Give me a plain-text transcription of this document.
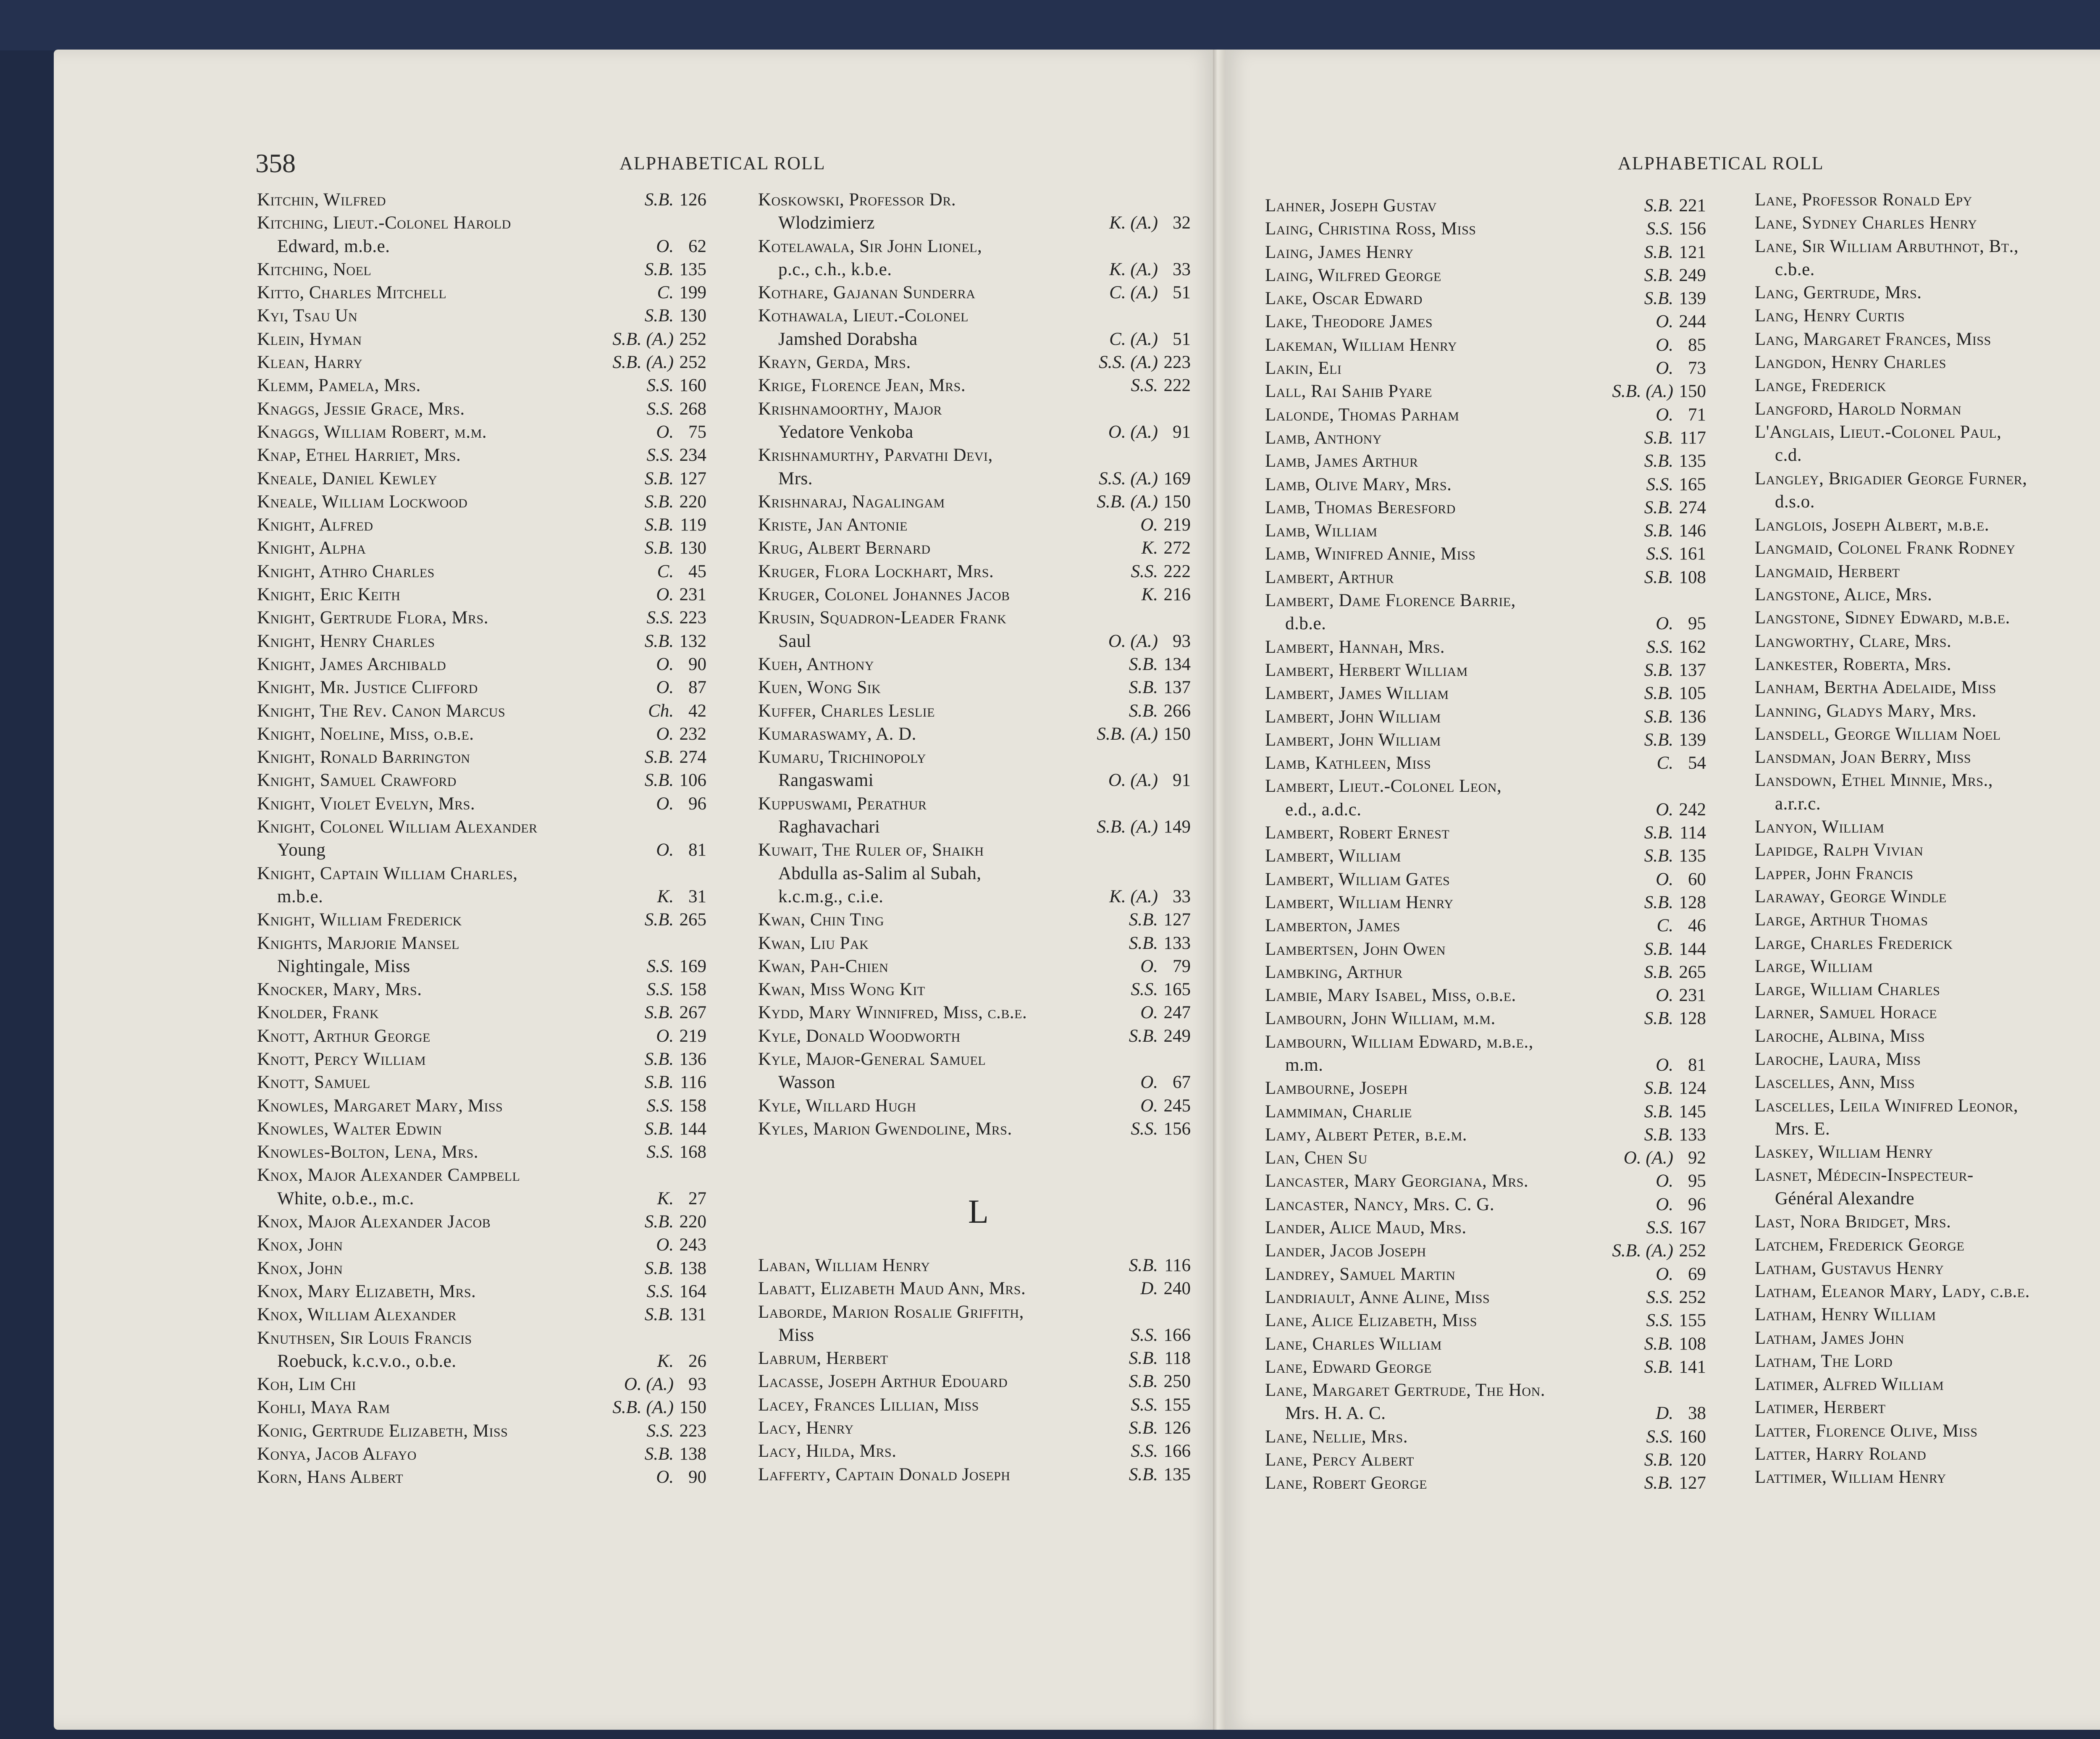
358	ALPHABETICAL ROLL	ALPHABETICAL ROLL
Kitchin, Wilfred	S.B. 126
Kitching, Lieut.-Colonel Harold
Edward, m.b.e.	O. 62
Kitching, Noel	S.B. 135
Kitto, Charles Mitchell	C. 199
Kyi, Tsau Un	S.B. 130
Klein, Hyman	S.B. (A.) 252
Klean, Harry	S.B. (A.) 252
Klemm, Pamela, Mrs.	S.S. 160
Knaggs, Jessie Grace, Mrs.	S.S. 268
Knaggs, William Robert, m.m.	O. 75
Knap, Ethel Harriet, Mrs.	S.S. 234
Kneale, Daniel Kewley	S.B. 127
Kneale, William Lockwood	S.B. 220
Knight, Alfred	S.B. 119
Knight, Alpha	S.B. 130
Knight, Athro Charles	C. 45
Knight, Eric Keith	O. 231
Knight, Gertrude Flora, Mrs.	S.S. 223
Knight, Henry Charles	S.B. 132
Knight, James Archibald	O. 90
Knight, Mr. Justice Clifford	O. 87
Knight, The Rev. Canon Marcus	Ch. 42
Knight, Noeline, Miss, o.b.e.	O. 232
Knight, Ronald Barrington	S.B. 274
Knight, Samuel Crawford	S.B. 106
Knight, Violet Evelyn, Mrs.	O. 96
Knight, Colonel William Alexander
Young	O. 81
Knight, Captain William Charles,
m.b.e.	K. 31
Knight, William Frederick	S.B. 265
Knights, Marjorie Mansel
Nightingale, Miss	S.S. 169
Knocker, Mary, Mrs.	S.S. 158
Knolder, Frank	S.B. 267
Knott, Arthur George	O. 219
Knott, Percy William	S.B. 136
Knott, Samuel	S.B. 116
Knowles, Margaret Mary, Miss	S.S. 158
Knowles, Walter Edwin	S.B. 144
Knowles-Bolton, Lena, Mrs.	S.S. 168
Knox, Major Alexander Campbell
White, o.b.e., m.c.	K. 27
Knox, Major Alexander Jacob	S.B. 220
Knox, John	O. 243
Knox, John	S.B. 138
Knox, Mary Elizabeth, Mrs.	S.S. 164
Knox, William Alexander	S.B. 131
Knuthsen, Sir Louis Francis
Roebuck, k.c.v.o., o.b.e.	K. 26
Koh, Lim Chi	O. (A.) 93
Kohli, Maya Ram	S.B. (A.) 150
Konig, Gertrude Elizabeth, Miss	S.S. 223
Konya, Jacob Alfayo	S.B. 138
Korn, Hans Albert	O. 90
Koskowski, Professor Dr.
Wlodzimierz	K. (A.) 32
Kotelawala, Sir John Lionel,
p.c., c.h., k.b.e.	K. (A.) 33
Kothare, Gajanan Sunderra	C. (A.) 51
Kothawala, Lieut.-Colonel
Jamshed Dorabsha	C. (A.) 51
Krayn, Gerda, Mrs.	S.S. (A.) 223
Krige, Florence Jean, Mrs.	S.S. 222
Krishnamoorthy, Major
Yedatore Venkoba	O. (A.) 91
Krishnamurthy, Parvathi Devi,
Mrs.	S.S. (A.) 169
Krishnaraj, Nagalingam	S.B. (A.) 150
Kriste, Jan Antonie	O. 219
Krug, Albert Bernard	K. 272
Kruger, Flora Lockhart, Mrs.	S.S. 222
Kruger, Colonel Johannes Jacob	K. 216
Krusin, Squadron-Leader Frank
Saul	O. (A.) 93
Kueh, Anthony	S.B. 134
Kuen, Wong Sik	S.B. 137
Kuffer, Charles Leslie	S.B. 266
Kumaraswamy, A. D.	S.B. (A.) 150
Kumaru, Trichinopoly
Rangaswami	O. (A.) 91
Kuppuswami, Perathur
Raghavachari	S.B. (A.) 149
Kuwait, The Ruler of, Shaikh
Abdulla as-Salim al Subah,
k.c.m.g., c.i.e.	K. (A.) 33
Kwan, Chin Ting	S.B. 127
Kwan, Liu Pak	S.B. 133
Kwan, Pah-Chien	O. 79
Kwan, Miss Wong Kit	S.S. 165
Kydd, Mary Winnifred, Miss, c.b.e.	O. 247
Kyle, Donald Woodworth	S.B. 249
Kyle, Major-General Samuel
Wasson	O. 67
Kyle, Willard Hugh	O. 245
Kyles, Marion Gwendoline, Mrs.	S.S. 156
L
Laban, William Henry	S.B. 116
Labatt, Elizabeth Maud Ann, Mrs.	D. 240
Laborde, Marion Rosalie Griffith,
Miss	S.S. 166
Labrum, Herbert	S.B. 118
Lacasse, Joseph Arthur Edouard	S.B. 250
Lacey, Frances Lillian, Miss	S.S. 155
Lacy, Henry	S.B. 126
Lacy, Hilda, Mrs.	S.S. 166
Lafferty, Captain Donald Joseph	S.B. 135
Lahner, Joseph Gustav	S.B. 221
Laing, Christina Ross, Miss	S.S. 156
Laing, James Henry	S.B. 121
Laing, Wilfred George	S.B. 249
Lake, Oscar Edward	S.B. 139
Lake, Theodore James	O. 244
Lakeman, William Henry	O. 85
Lakin, Eli	O. 73
Lall, Rai Sahib Pyare	S.B. (A.) 150
Lalonde, Thomas Parham	O. 71
Lamb, Anthony	S.B. 117
Lamb, James Arthur	S.B. 135
Lamb, Olive Mary, Mrs.	S.S. 165
Lamb, Thomas Beresford	S.B. 274
Lamb, William	S.B. 146
Lamb, Winifred Annie, Miss	S.S. 161
Lambert, Arthur	S.B. 108
Lambert, Dame Florence Barrie,
d.b.e.	O. 95
Lambert, Hannah, Mrs.	S.S. 162
Lambert, Herbert William	S.B. 137
Lambert, James William	S.B. 105
Lambert, John William	S.B. 136
Lambert, John William	S.B. 139
Lamb, Kathleen, Miss	C. 54
Lambert, Lieut.-Colonel Leon,
e.d., a.d.c.	O. 242
Lambert, Robert Ernest	S.B. 114
Lambert, William	S.B. 135
Lambert, William Gates	O. 60
Lambert, William Henry	S.B. 128
Lamberton, James	C. 46
Lambertsen, John Owen	S.B. 144
Lambking, Arthur	S.B. 265
Lambie, Mary Isabel, Miss, o.b.e.	O. 231
Lambourn, John William, m.m.	S.B. 128
Lambourn, William Edward, m.b.e.,
m.m.	O. 81
Lambourne, Joseph	S.B. 124
Lammiman, Charlie	S.B. 145
Lamy, Albert Peter, b.e.m.	S.B. 133
Lan, Chen Su	O. (A.) 92
Lancaster, Mary Georgiana, Mrs.	O. 95
Lancaster, Nancy, Mrs. C. G.	O. 96
Lander, Alice Maud, Mrs.	S.S. 167
Lander, Jacob Joseph	S.B. (A.) 252
Landrey, Samuel Martin	O. 69
Landriault, Anne Aline, Miss	S.S. 252
Lane, Alice Elizabeth, Miss	S.S. 155
Lane, Charles William	S.B. 108
Lane, Edward George	S.B. 141
Lane, Margaret Gertrude, The Hon.
Mrs. H. A. C.	D. 38
Lane, Nellie, Mrs.	S.S. 160
Lane, Percy Albert	S.B. 120
Lane, Robert George	S.B. 127
Lane, Professor Ronald Epy
Lane, Sydney Charles Henry
Lane, Sir William Arbuthnot, Bt.,
c.b.e.
Lang, Gertrude, Mrs.
Lang, Henry Curtis
Lang, Margaret Frances, Miss
Langdon, Henry Charles
Lange, Frederick
Langford, Harold Norman
L'Anglais, Lieut.-Colonel Paul,
c.d.
Langley, Brigadier George Furner,
d.s.o.
Langlois, Joseph Albert, m.b.e.
Langmaid, Colonel Frank Rodney
Langmaid, Herbert
Langstone, Alice, Mrs.
Langstone, Sidney Edward, m.b.e.
Langworthy, Clare, Mrs.
Lankester, Roberta, Mrs.
Lanham, Bertha Adelaide, Miss
Lanning, Gladys Mary, Mrs.
Lansdell, George William Noel
Lansdman, Joan Berry, Miss
Lansdown, Ethel Minnie, Mrs.,
a.r.r.c.
Lanyon, William
Lapidge, Ralph Vivian
Lapper, John Francis
Laraway, George Windle
Large, Arthur Thomas
Large, Charles Frederick
Large, William
Large, William Charles
Larner, Samuel Horace
Laroche, Albina, Miss
Laroche, Laura, Miss
Lascelles, Ann, Miss
Lascelles, Leila Winifred Leonor,
Mrs. E.
Laskey, William Henry
Lasnet, Médecin-Inspecteur-
Général Alexandre
Last, Nora Bridget, Mrs.
Latchem, Frederick George
Latham, Gustavus Henry
Latham, Eleanor Mary, Lady, c.b.e.
Latham, Henry William
Latham, James John
Latham, The Lord
Latimer, Alfred William
Latimer, Herbert
Latter, Florence Olive, Miss
Latter, Harry Roland
Lattimer, William Henry
